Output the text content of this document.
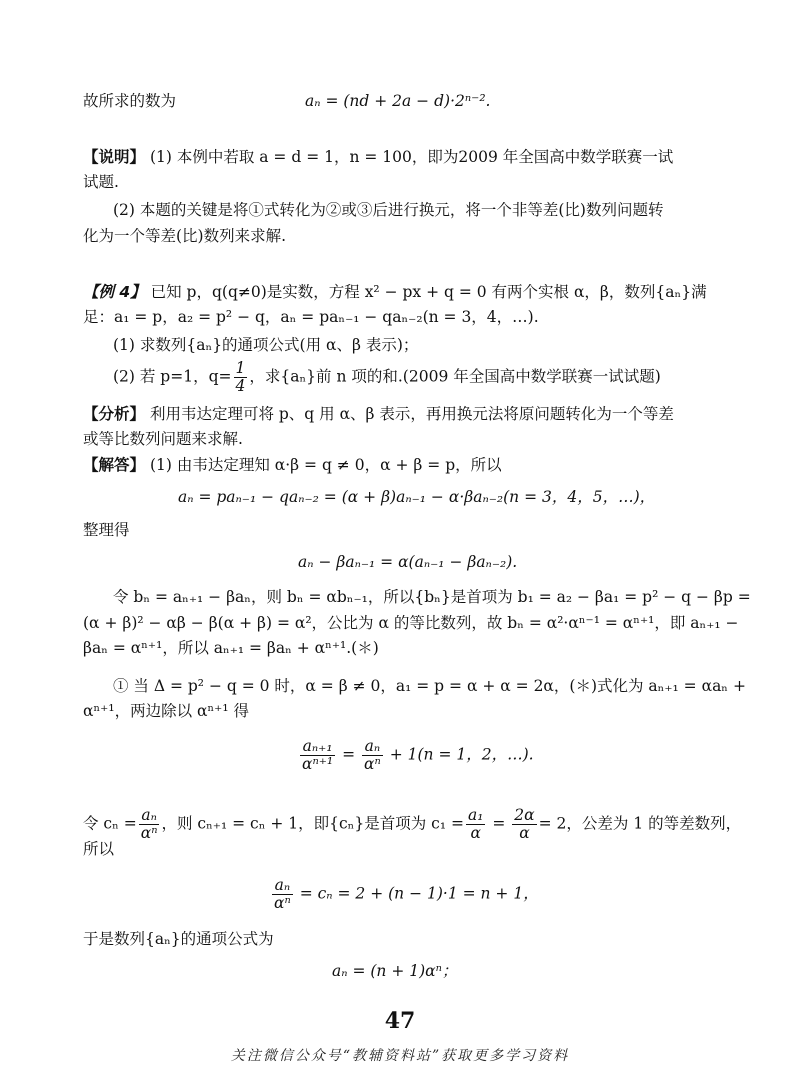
故所求的数为	aₙ = (nd + 2a − d)·2ⁿ⁻².
【说明】 (1) 本例中若取 a = d = 1，n = 100，即为2009 年全国高中数学联赛一试
试题.
(2) 本题的关键是将①式转化为②或③后进行换元，将一个非等差(比)数列问题转
化为一个等差(比)数列来求解.
【例 4】 已知 p，q(q≠0)是实数，方程 x² − px + q = 0 有两个实根 α，β，数列{aₙ}满
足：a₁ = p，a₂ = p² − q，aₙ = paₙ₋₁ − qaₙ₋₂(n = 3，4，…).
(1) 求数列{aₙ}的通项公式(用 α、β 表示)；
(2) 若 p=1，$q= \frac{1}{4}$ ，求{aₙ}前 n 项的和.(2009 年全国高中数学联赛一试试题)
【分析】 利用韦达定理可将 p、q 用 α、β 表示，再用换元法将原问题转化为一个等差
或等比数列问题来求解.
【解答】 (1) 由韦达定理知 α·β = q ≠ 0，α + β = p，所以
aₙ = paₙ₋₁ − qaₙ₋₂ = (α + β)aₙ₋₁ − α·βaₙ₋₂(n = 3，4，5，…)，
整理得
aₙ − βaₙ₋₁ = α(aₙ₋₁ − βaₙ₋₂).
令 bₙ = aₙ₊₁ − βaₙ，则 bₙ = αbₙ₋₁，所以{bₙ}是首项为 b₁ = a₂ − βa₁ = p² − q − βp =
(α + β)² − αβ − β(α + β) = α²，公比为 α 的等比数列，故 bₙ = α²·αⁿ⁻¹ = αⁿ⁺¹，即 aₙ₊₁ −
βaₙ = αⁿ⁺¹，所以 aₙ₊₁ = βaₙ + αⁿ⁺¹.(＊)
① 当 Δ = p² − q = 0 时，α = β ≠ 0，a₁ = p = α + α = 2α，(＊)式化为 aₙ₊₁ = αaₙ +
αⁿ⁺¹，两边除以 αⁿ⁺¹ 得
$\frac{\text{aₙ₊₁}}{\text{αⁿ⁺¹}} = \frac{\text{aₙ}}{\text{αⁿ}} + 1(n = 1$，2，…).
令 $c_n = \frac{\text{aₙ}}{\text{αⁿ}}$ ，则 cₙ₊₁ = cₙ + 1，即{cₙ}是首项为 $c_1 = \frac{\text{a₁}}{\alpha} = \frac{2\alpha}{\alpha} = 2$，公差为 1 的等差数列，
所以
$\frac{\text{aₙ}}{\text{αⁿ}} = c_n = 2 + (n - 1)\cdot 1 = n + 1$，
于是数列{aₙ}的通项公式为
aₙ = (n + 1)αⁿ；
47
关注微信公众号“教辅资料站”获取更多学习资料
